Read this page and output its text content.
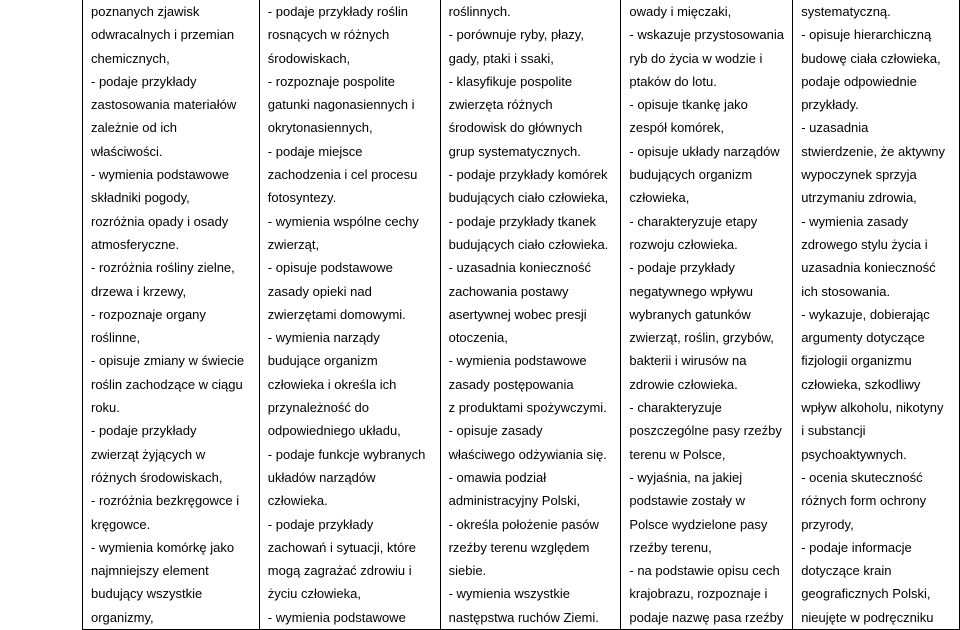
poznanych zjawisk
odwracalnych i przemian
chemicznych,
- podaje przykłady
zastosowania materiałów
zależnie od ich
właściwości.
- wymienia podstawowe
składniki pogody,
rozróżnia opady i osady
atmosferyczne.
- rozróżnia rośliny zielne,
drzewa i krzewy,
- rozpoznaje organy
roślinne,
- opisuje zmiany w świecie
roślin zachodzące w ciągu
roku.
- podaje przykłady
zwierząt żyjących w
różnych środowiskach,
- rozróżnia bezkręgowce i
kręgowce.
- wymienia komórkę jako
najmniejszy element
budujący wszystkie
organizmy,
- podaje przykłady roślin
rosnących w różnych
środowiskach,
- rozpoznaje pospolite
gatunki nagonasiennych i
okrytonasiennych,
- podaje miejsce
zachodzenia i cel procesu
fotosyntezy.
- wymienia wspólne cechy
zwierząt,
- opisuje podstawowe
zasady opieki nad
zwierzętami domowymi.
- wymienia narządy
budujące organizm
człowieka i określa ich
przynależność do
odpowiedniego układu,
- podaje funkcje wybranych
układów narządów
człowieka.
- podaje przykłady
zachowań i sytuacji, które
mogą zagrażać zdrowiu i
życiu człowieka,
- wymienia podstawowe
roślinnych.
- porównuje ryby, płazy,
gady, ptaki i ssaki,
- klasyfikuje pospolite
zwierzęta różnych
środowisk do głównych
grup systematycznych.
- podaje przykłady komórek
budujących ciało człowieka,
- podaje przykłady tkanek
budujących ciało człowieka.
- uzasadnia konieczność
zachowania postawy
asertywnej wobec presji
otoczenia,
- wymienia podstawowe
zasady postępowania
z produktami spożywczymi.
- opisuje zasady
właściwego odżywiania się.
- omawia podział
administracyjny Polski,
- określa położenie pasów
rzeźby terenu względem
siebie.
- wymienia wszystkie
następstwa ruchów Ziemi.
owady i mięczaki,
- wskazuje przystosowania
ryb do życia w wodzie i
ptaków do lotu.
- opisuje tkankę jako
zespół komórek,
- opisuje układy narządów
budujących organizm
człowieka,
- charakteryzuje etapy
rozwoju człowieka.
- podaje przykłady
negatywnego wpływu
wybranych gatunków
zwierząt, roślin, grzybów,
bakterii i wirusów na
zdrowie człowieka.
- charakteryzuje
poszczególne pasy rzeźby
terenu w Polsce,
- wyjaśnia, na jakiej
podstawie zostały w
Polsce wydzielone pasy
rzeźby terenu,
- na podstawie opisu cech
krajobrazu, rozpoznaje i
podaje nazwę pasa rzeźby
systematyczną.
- opisuje hierarchiczną
budowę ciała człowieka,
podaje odpowiednie
przykłady.
- uzasadnia
stwierdzenie, że aktywny
wypoczynek sprzyja
utrzymaniu zdrowia,
- wymienia zasady
zdrowego stylu życia i
uzasadnia konieczność
ich stosowania.
- wykazuje, dobierając
argumenty dotyczące
fizjologii organizmu
człowieka, szkodliwy
wpływ alkoholu, nikotyny
i substancji
psychoaktywnych.
- ocenia skuteczność
różnych form ochrony
przyrody,
- podaje informacje
dotyczące krain
geograficznych Polski,
nieujęte w podręczniku
